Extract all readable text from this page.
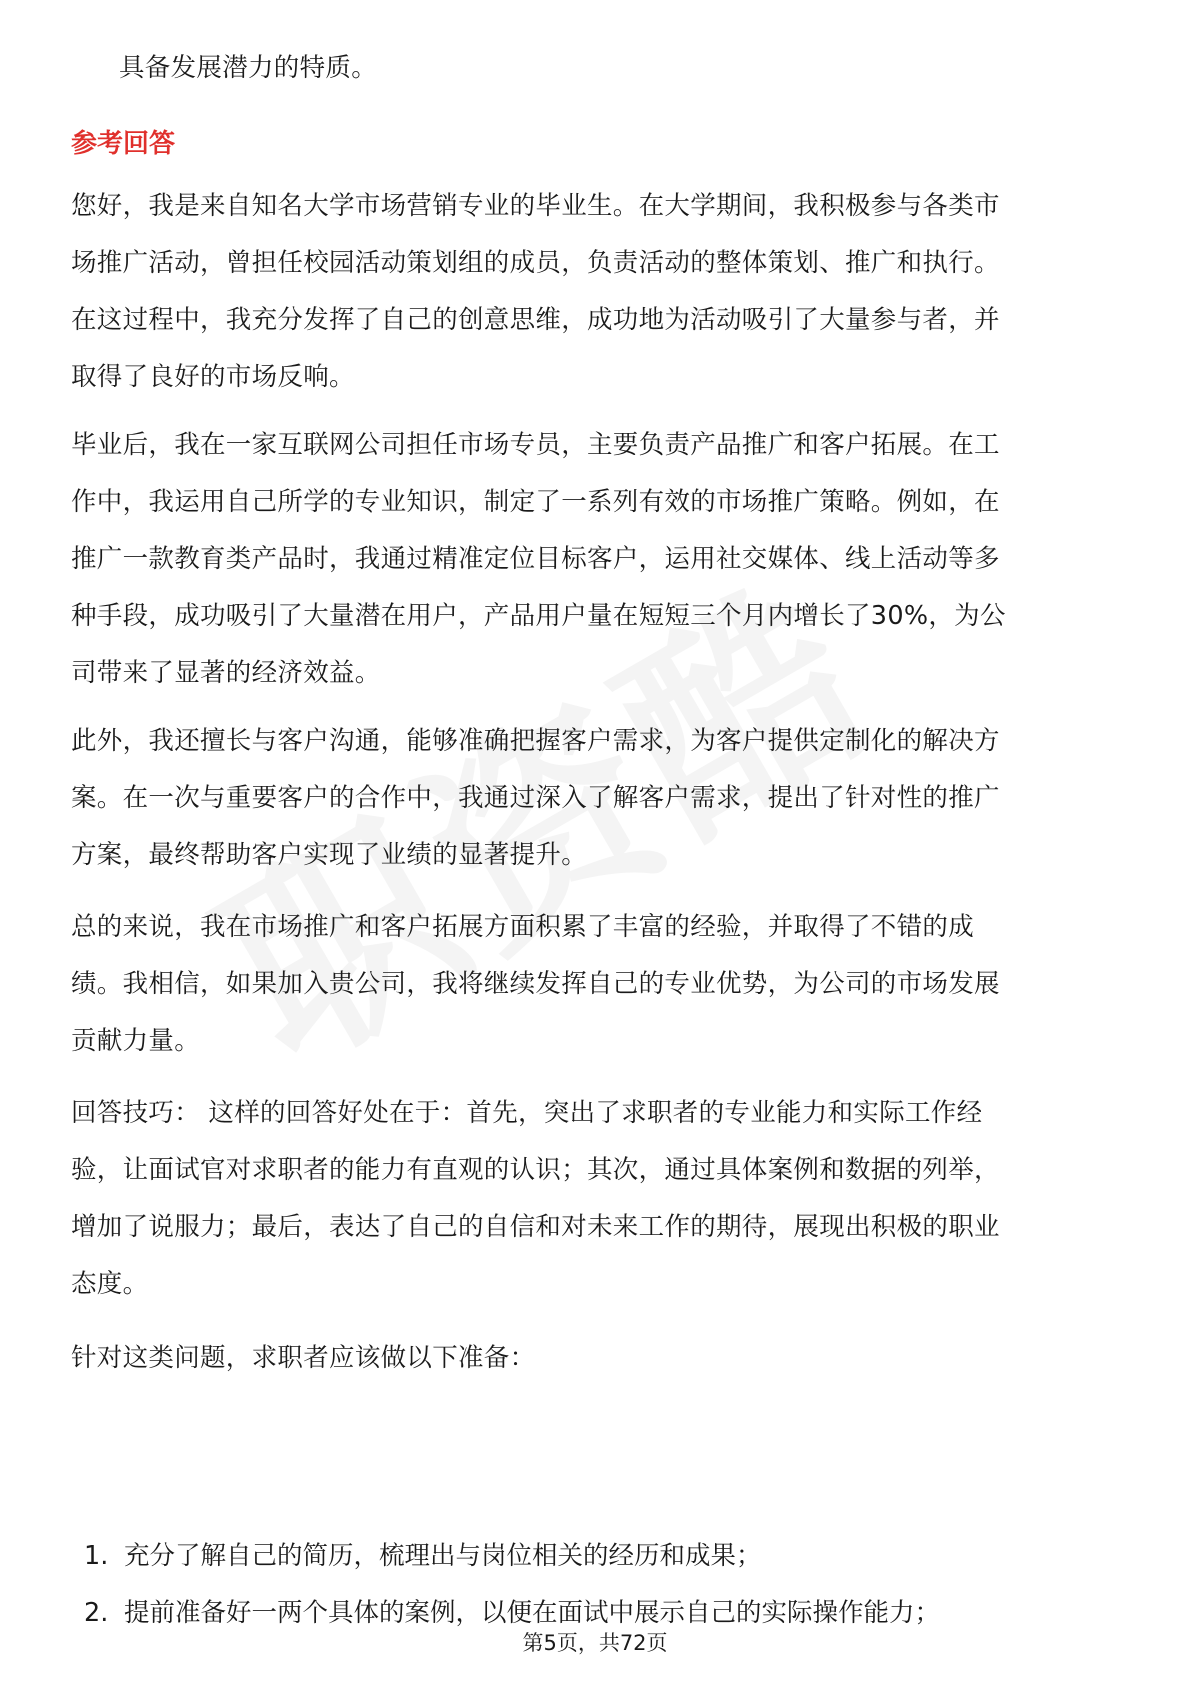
具备发展潜力的特质。

参考回答

您好，我是来自知名大学市场营销专业的毕业生。在大学期间，我积极参与各类市
场推广活动，曾担任校园活动策划组的成员，负责活动的整体策划、推广和执行。
在这过程中，我充分发挥了自己的创意思维，成功地为活动吸引了大量参与者，并
取得了良好的市场反响。

毕业后，我在一家互联网公司担任市场专员，主要负责产品推广和客户拓展。在工
作中，我运用自己所学的专业知识，制定了一系列有效的市场推广策略。例如，在
推广一款教育类产品时，我通过精准定位目标客户，运用社交媒体、线上活动等多
种手段，成功吸引了大量潜在用户，产品用户量在短短三个月内增长了30%，为公
司带来了显著的经济效益。

此外，我还擅长与客户沟通，能够准确把握客户需求，为客户提供定制化的解决方
案。在一次与重要客户的合作中，我通过深入了解客户需求，提出了针对性的推广
方案，最终帮助客户实现了业绩的显著提升。

总的来说，我在市场推广和客户拓展方面积累了丰富的经验，并取得了不错的成
绩。我相信，如果加入贵公司，我将继续发挥自己的专业优势，为公司的市场发展
贡献力量。

回答技巧： 这样的回答好处在于：首先，突出了求职者的专业能力和实际工作经
验，让面试官对求职者的能力有直观的认识；其次，通过具体案例和数据的列举，
增加了说服力；最后，表达了自己的自信和对未来工作的期待，展现出积极的职业
态度。

针对这类问题，求职者应该做以下准备：

1. 充分了解自己的简历，梳理出与岗位相关的经历和成果；
2. 提前准备好一两个具体的案例，以便在面试中展示自己的实际操作能力；
第5页，共72页
